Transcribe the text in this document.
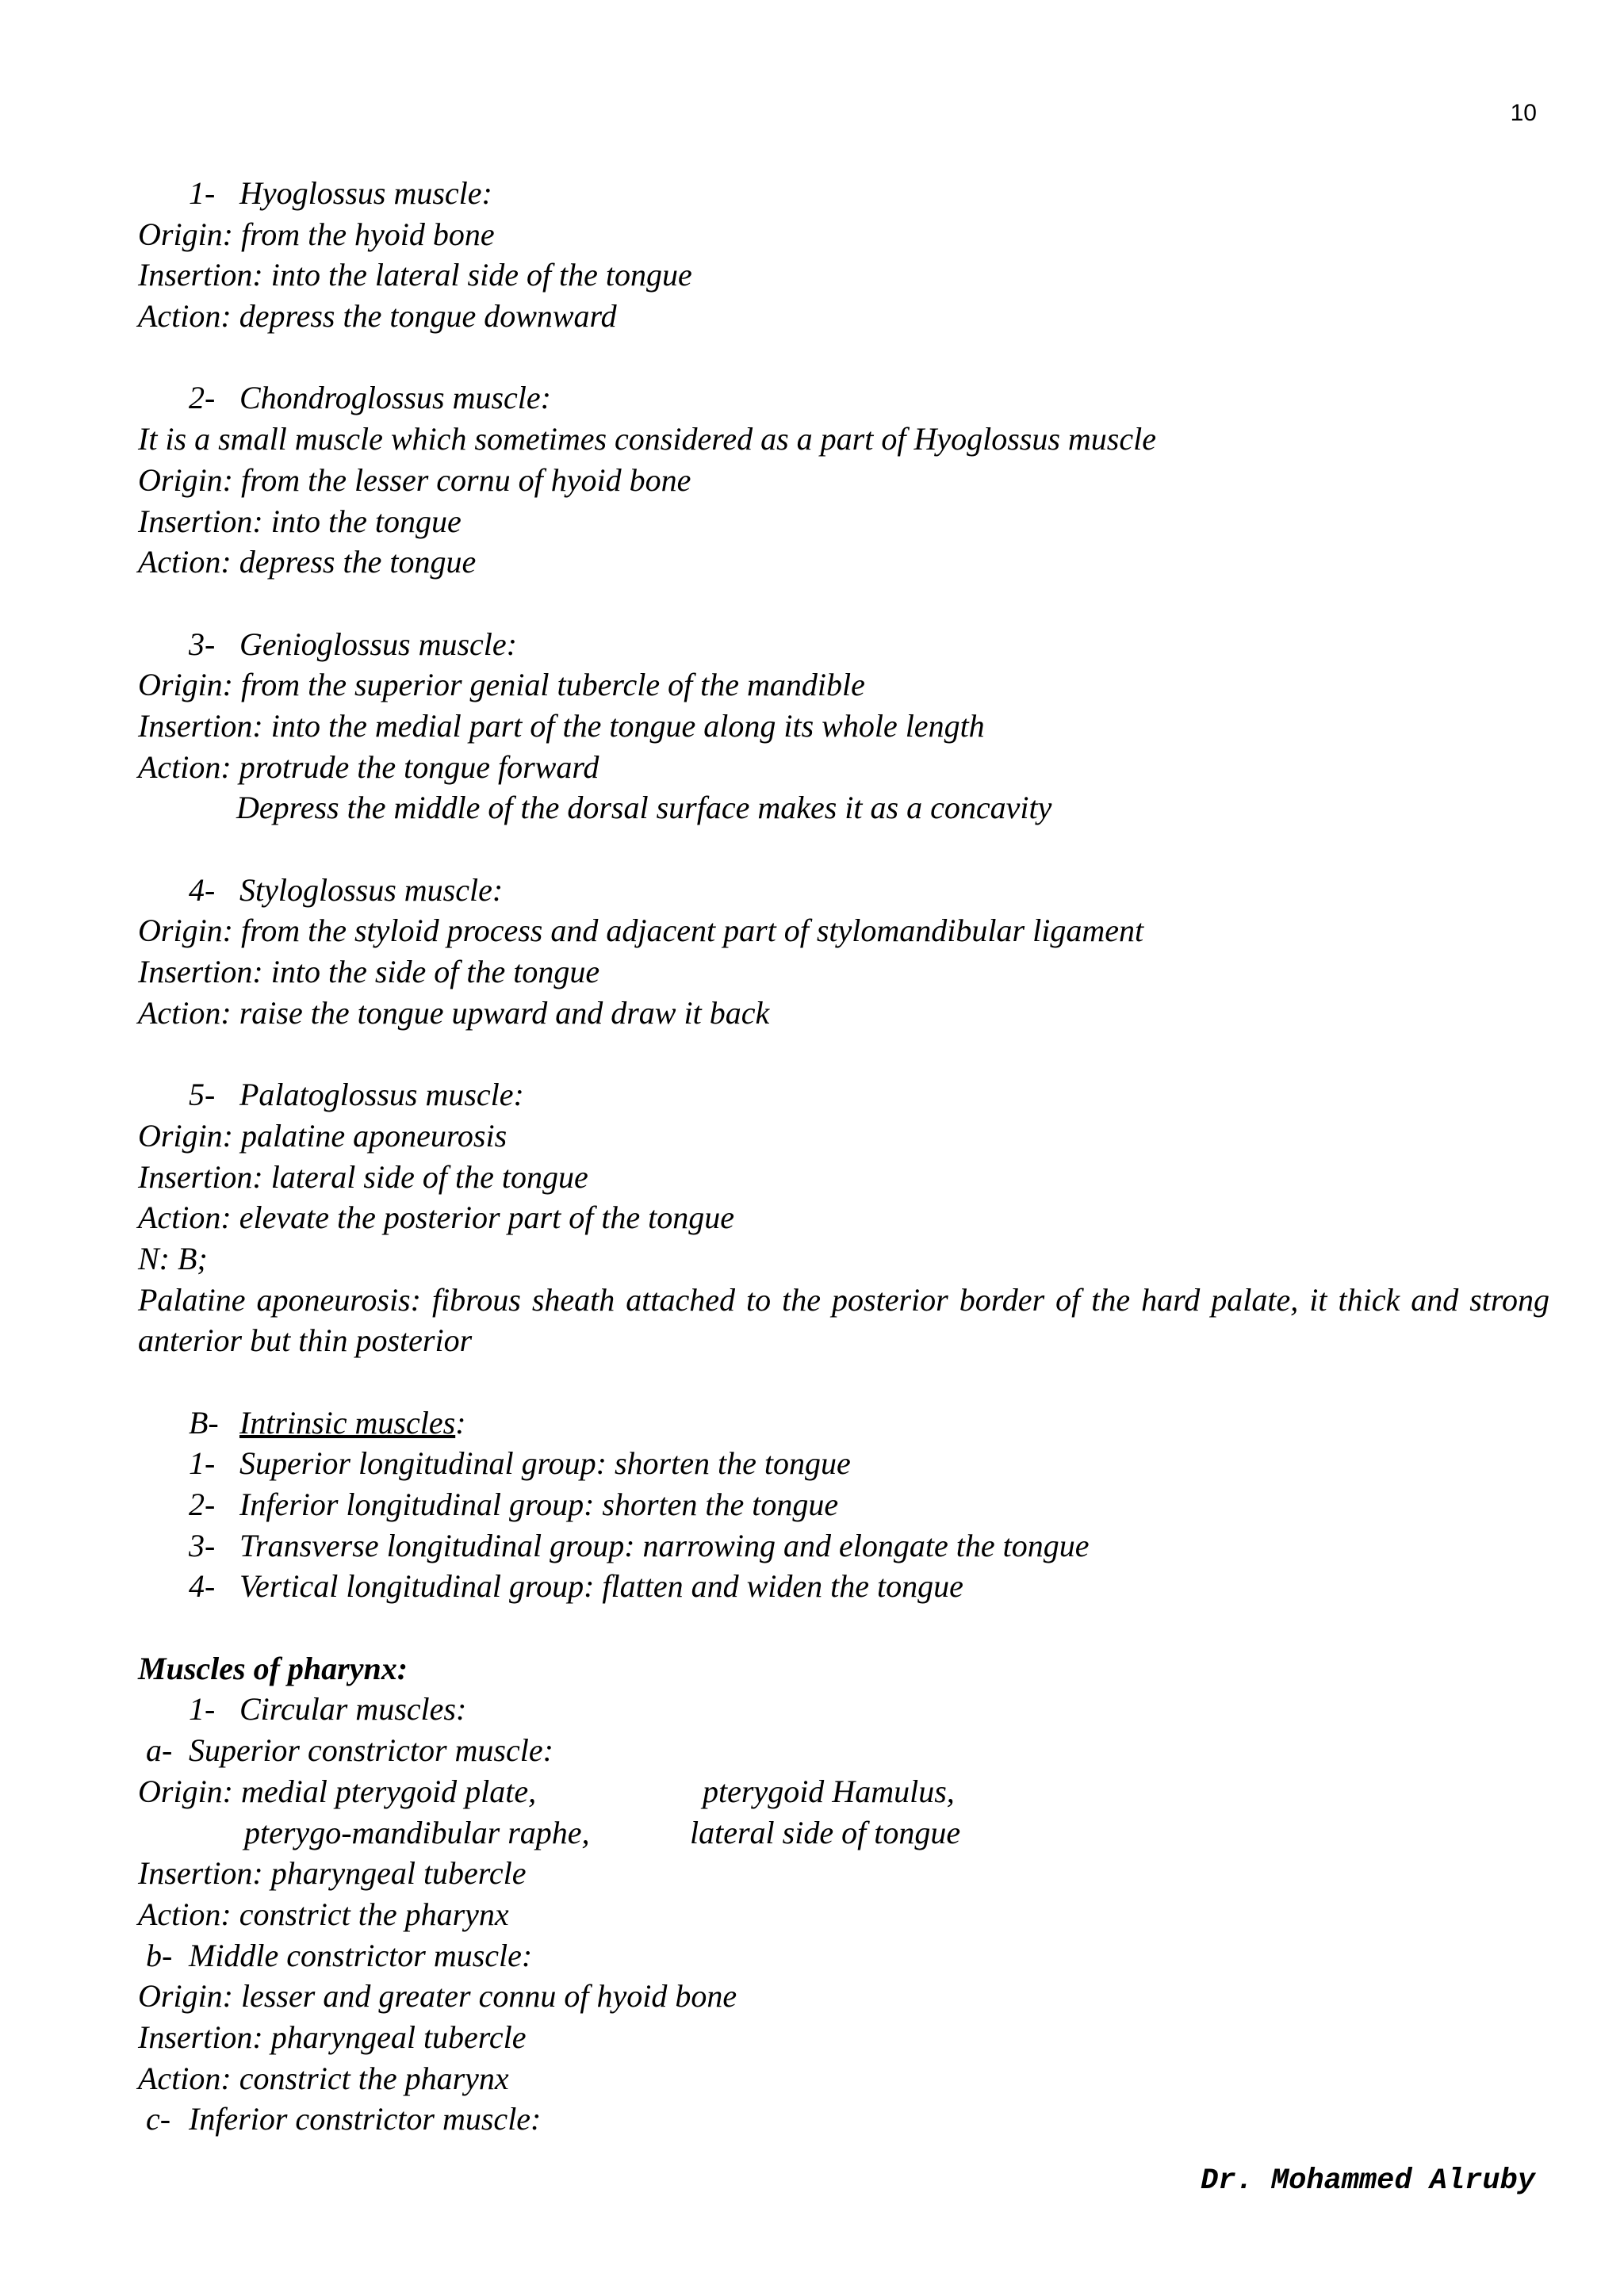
10
1- Hyoglossus muscle:
Origin: from the hyoid bone
Insertion: into the lateral side of the tongue
Action: depress the tongue downward
2- Chondroglossus muscle:
It is a small muscle which sometimes considered as a part of Hyoglossus muscle
Origin: from the lesser cornu of hyoid bone
Insertion: into the tongue
Action: depress the tongue
3- Genioglossus muscle:
Origin: from the superior genial tubercle of the mandible
Insertion: into the medial part of the tongue along its whole length
Action: protrude the tongue forward
Depress the middle of the dorsal surface makes it as a concavity
4- Styloglossus muscle:
Origin: from the styloid process and adjacent part of stylomandibular ligament
Insertion: into the side of the tongue
Action: raise the tongue upward and draw it back
5- Palatoglossus muscle:
Origin: palatine aponeurosis
Insertion: lateral side of the tongue
Action: elevate the posterior part of the tongue
N: B;
Palatine aponeurosis: fibrous sheath attached to the posterior border of the hard palate, it thick and strong anterior but thin posterior
B- Intrinsic muscles:
1- Superior longitudinal group: shorten the tongue
2- Inferior longitudinal group: shorten the tongue
3- Transverse longitudinal group: narrowing and elongate the tongue
4- Vertical longitudinal group: flatten and widen the tongue
Muscles of pharynx:
1- Circular muscles:
a- Superior constrictor muscle:
Origin: medial pterygoid plate,	pterygoid Hamulus,
pterygo-mandibular raphe,	lateral side of tongue
Insertion: pharyngeal tubercle
Action: constrict the pharynx
b- Middle constrictor muscle:
Origin: lesser and greater connu of hyoid bone
Insertion: pharyngeal tubercle
Action: constrict the pharynx
c- Inferior constrictor muscle:
Dr. Mohammed Alruby
